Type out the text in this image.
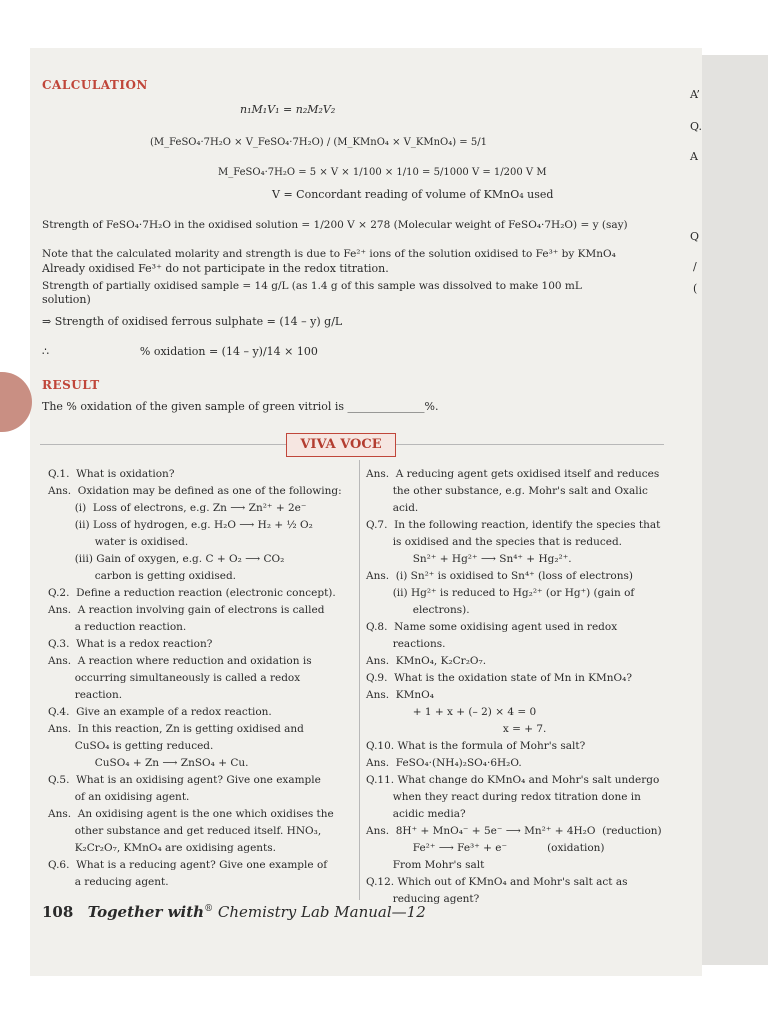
A’
Q.
A
Q
/
(
CALCULATION
n₁M₁V₁ = n₂M₂V₂
(M_FeSO₄·7H₂O × V_FeSO₄·7H₂O) / (M_KMnO₄ × V_KMnO₄) = 5/1
M_FeSO₄·7H₂O = 5 × V × 1/100 × 1/10 = 5/1000 V = 1/200 V M
V = Concordant reading of volume of KMnO₄ used
Strength of FeSO₄·7H₂O in the oxidised solution = 1/200 V × 278 (Molecular weight of FeSO₄·7H₂O) = y (say)
Note that the calculated molarity and strength is due to Fe²⁺ ions of the solution oxidised to Fe³⁺ by KMnO₄
Already oxidised Fe³⁺ do not participate in the redox titration.
Strength of partially oxidised sample = 14 g/L (as 1.4 g of this sample was dissolved to make 100 mL
solution)
⇒ Strength of oxidised ferrous sulphate = (14 – y) g/L
∴                          % oxidation = (14 – y)/14 × 100
RESULT
The % oxidation of the given sample of green vitriol is ______________%.
VIVA VOCE
Q.1.  What is oxidation?
Ans.  Oxidation may be defined as one of the following:
(i)  Loss of electrons, e.g. Zn ⟶ Zn²⁺ + 2e⁻
(ii) Loss of hydrogen, e.g. H₂O ⟶ H₂ + ½ O₂
water is oxidised.
(iii) Gain of oxygen, e.g. C + O₂ ⟶ CO₂
carbon is getting oxidised.
Q.2.  Define a reduction reaction (electronic concept).
Ans.  A reaction involving gain of electrons is called
a reduction reaction.
Q.3.  What is a redox reaction?
Ans.  A reaction where reduction and oxidation is
occurring simultaneously is called a redox
reaction.
Q.4.  Give an example of a redox reaction.
Ans.  In this reaction, Zn is getting oxidised and
CuSO₄ is getting reduced.
CuSO₄ + Zn ⟶ ZnSO₄ + Cu.
Q.5.  What is an oxidising agent? Give one example
of an oxidising agent.
Ans.  An oxidising agent is the one which oxidises the
other substance and get reduced itself. HNO₃,
K₂Cr₂O₇, KMnO₄ are oxidising agents.
Q.6.  What is a reducing agent? Give one example of
a reducing agent.
Ans.  A reducing agent gets oxidised itself and reduces
the other substance, e.g. Mohr's salt and Oxalic
acid.
Q.7.  In the following reaction, identify the species that
is oxidised and the species that is reduced.
Sn²⁺ + Hg²⁺ ⟶ Sn⁴⁺ + Hg₂²⁺.
Ans.  (i) Sn²⁺ is oxidised to Sn⁴⁺ (loss of electrons)
(ii) Hg²⁺ is reduced to Hg₂²⁺ (or Hg⁺) (gain of
electrons).
Q.8.  Name some oxidising agent used in redox
reactions.
Ans.  KMnO₄, K₂Cr₂O₇.
Q.9.  What is the oxidation state of Mn in KMnO₄?
Ans.  KMnO₄
+ 1 + x + (– 2) × 4 = 0
x = + 7.
Q.10. What is the formula of Mohr's salt?
Ans.  FeSO₄·(NH₄)₂SO₄·6H₂O.
Q.11. What change do KMnO₄ and Mohr's salt undergo
when they react during redox titration done in
acidic media?
Ans.  8H⁺ + MnO₄⁻ + 5e⁻ ⟶ Mn²⁺ + 4H₂O  (reduction)
Fe²⁺ ⟶ Fe³⁺ + e⁻            (oxidation)
From Mohr's salt
Q.12. Which out of KMnO₄ and Mohr's salt act as
reducing agent?
108 Together with® Chemistry Lab Manual—12
